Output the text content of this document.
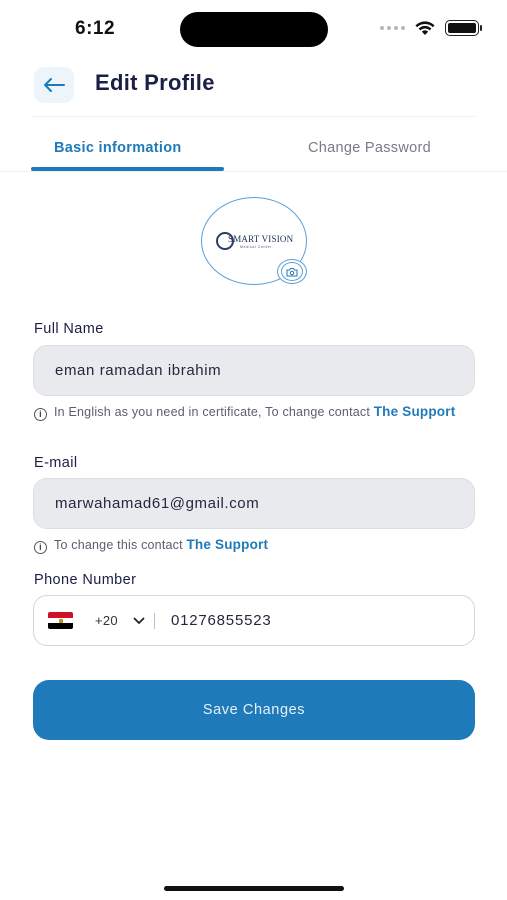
6:12
Edit Profile
Basic information	Change Password
SMART VISION
Medical Center
Full Name
eman ramadan ibrahim
i In English as you need in certificate, To change contact The Support
E-mail
marwahamad61@gmail.com
i To change this contact The Support
Phone Number
+20	01276855523
Save Changes
